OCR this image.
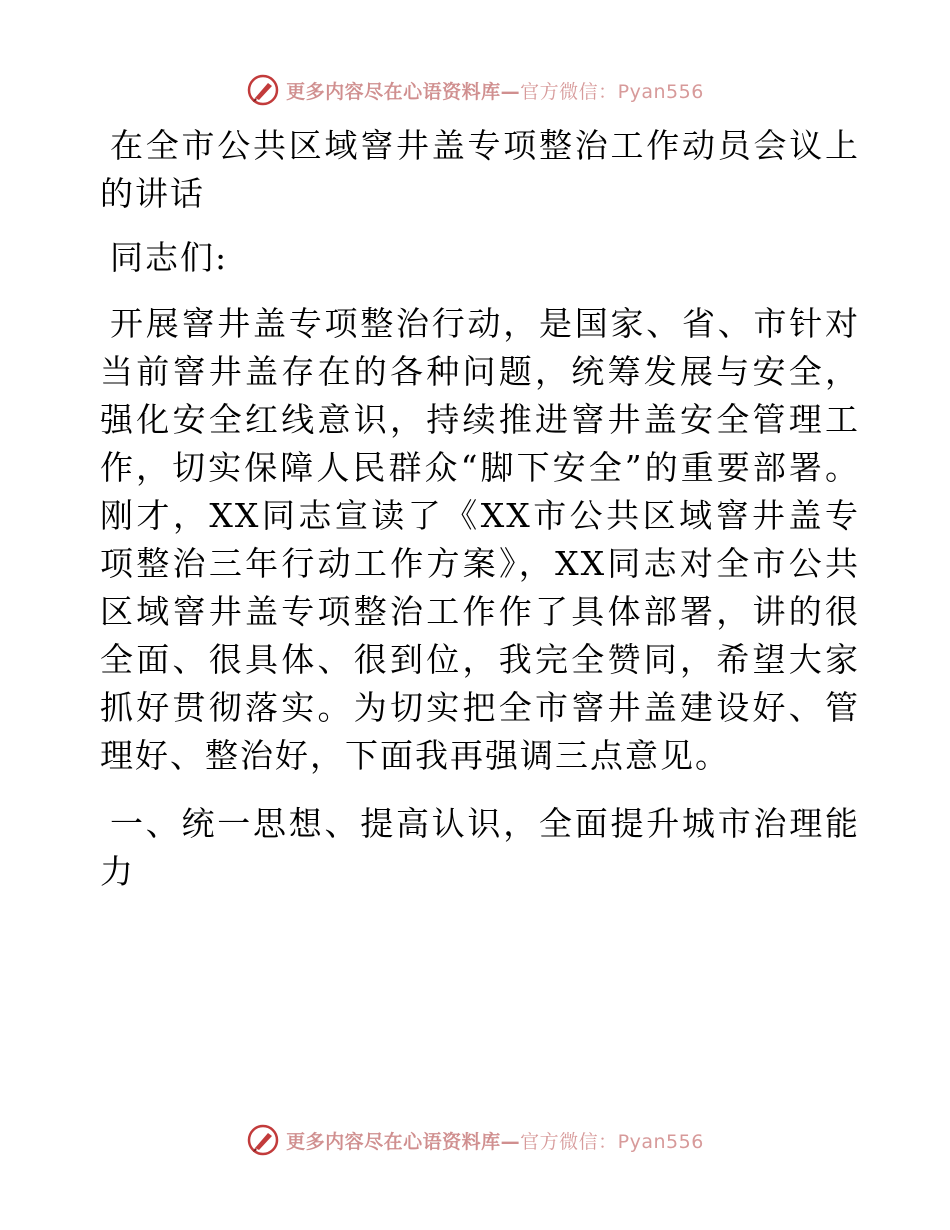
更多内容尽在心语资料库—官方微信：Pyan556

在全市公共区域窨井盖专项整治工作动员会议上的讲话

同志们:

开展窨井盖专项整治行动，是国家、省、市针对当前窨井盖存在的各种问题，统筹发展与安全，强化安全红线意识，持续推进窨井盖安全管理工作，切实保障人民群众“脚下安全”的重要部署。刚才，XX同志宣读了《XX市公共区域窨井盖专项整治三年行动工作方案》，XX同志对全市公共区域窨井盖专项整治工作作了具体部署，讲的很全面、很具体、很到位，我完全赞同，希望大家抓好贯彻落实。为切实把全市窨井盖建设好、管理好、整治好，下面我再强调三点意见。

一、统一思想、提高认识，全面提升城市治理能力

更多内容尽在心语资料库—官方微信：Pyan556
